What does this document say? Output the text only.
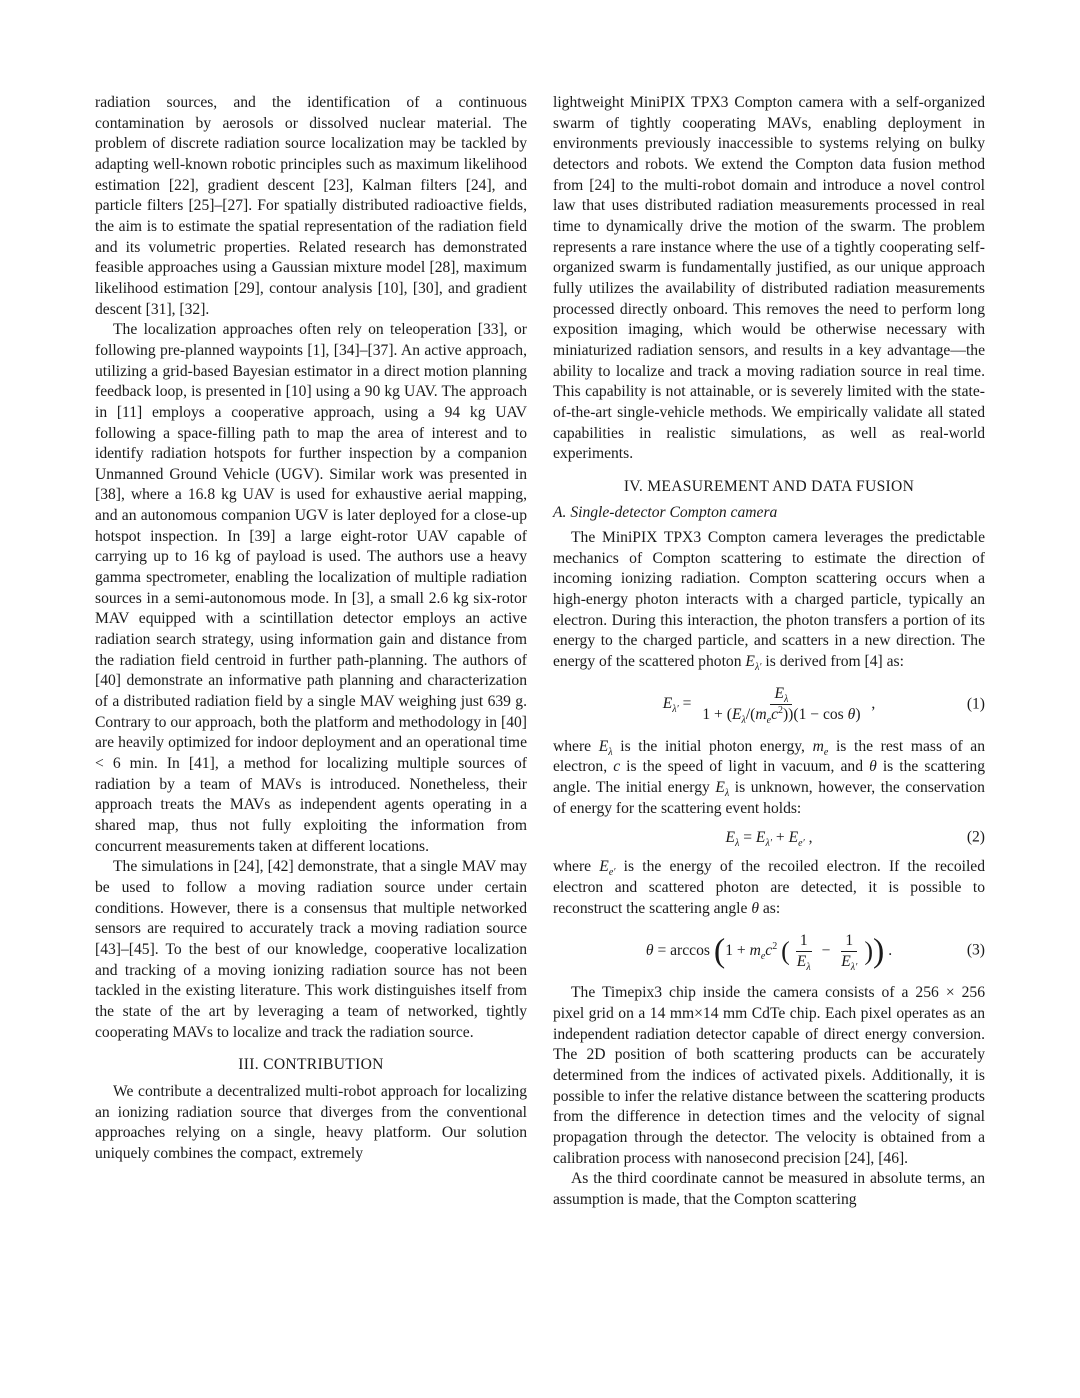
radiation sources, and the identification of a continuous contamination by aerosols or dissolved nuclear material. The problem of discrete radiation source localization may be tackled by adapting well-known robotic principles such as maximum likelihood estimation [22], gradient descent [23], Kalman filters [24], and particle filters [25]–[27]. For spatially distributed radioactive fields, the aim is to estimate the spatial representation of the radiation field and its volumetric properties. Related research has demonstrated feasible approaches using a Gaussian mixture model [28], maximum likelihood estimation [29], contour analysis [10], [30], and gradient descent [31], [32].

The localization approaches often rely on teleoperation [33], or following pre-planned waypoints [1], [34]–[37]. An active approach, utilizing a grid-based Bayesian estimator in a direct motion planning feedback loop, is presented in [10] using a 90 kg UAV. The approach in [11] employs a cooperative approach, using a 94 kg UAV following a space-filling path to map the area of interest and to identify radiation hotspots for further inspection by a companion Unmanned Ground Vehicle (UGV). Similar work was presented in [38], where a 16.8 kg UAV is used for exhaustive aerial mapping, and an autonomous companion UGV is later deployed for a close-up hotspot inspection. In [39] a large eight-rotor UAV capable of carrying up to 16 kg of payload is used. The authors use a heavy gamma spectrometer, enabling the localization of multiple radiation sources in a semi-autonomous mode. In [3], a small 2.6 kg six-rotor MAV equipped with a scintillation detector employs an active radiation search strategy, using information gain and distance from the radiation field centroid in further path-planning. The authors of [40] demonstrate an informative path planning and characterization of a distributed radiation field by a single MAV weighing just 639 g. Contrary to our approach, both the platform and methodology in [40] are heavily optimized for indoor deployment and an operational time < 6 min. In [41], a method for localizing multiple sources of radiation by a team of MAVs is introduced. Nonetheless, their approach treats the MAVs as independent agents operating in a shared map, thus not fully exploiting the information from concurrent measurements taken at different locations.

The simulations in [24], [42] demonstrate, that a single MAV may be used to follow a moving radiation source under certain conditions. However, there is a consensus that multiple networked sensors are required to accurately track a moving radiation source [43]–[45]. To the best of our knowledge, cooperative localization and tracking of a moving ionizing radiation source has not been tackled in the existing literature. This work distinguishes itself from the state of the art by leveraging a team of networked, tightly cooperating MAVs to localize and track the radiation source.

III. CONTRIBUTION

We contribute a decentralized multi-robot approach for localizing an ionizing radiation source that diverges from the conventional approaches relying on a single, heavy platform. Our solution uniquely combines the compact, extremely

lightweight MiniPIX TPX3 Compton camera with a self-organized swarm of tightly cooperating MAVs, enabling deployment in environments previously inaccessible to systems relying on bulky detectors and robots. We extend the Compton data fusion method from [24] to the multi-robot domain and introduce a novel control law that uses distributed radiation measurements processed in real time to dynamically drive the motion of the swarm. The problem represents a rare instance where the use of a tightly cooperating self-organized swarm is fundamentally justified, as our unique approach fully utilizes the availability of distributed radiation measurements processed directly onboard. This removes the need to perform long exposition imaging, which would be otherwise necessary with miniaturized radiation sensors, and results in a key advantage—the ability to localize and track a moving radiation source in real time. This capability is not attainable, or is severely limited with the state-of-the-art single-vehicle methods. We empirically validate all stated capabilities in realistic simulations, as well as real-world experiments.

IV. MEASUREMENT AND DATA FUSION
A. Single-detector Compton camera

The MiniPIX TPX3 Compton camera leverages the predictable mechanics of Compton scattering to estimate the direction of incoming ionizing radiation. Compton scattering occurs when a high-energy photon interacts with a charged particle, typically an electron. During this interaction, the photon transfers a portion of its energy to the charged particle, and scatters in a new direction. The energy of the scattered photon $E_{\lambda'}$ is derived from [4] as:

$E_{\lambda'} = \frac{E_\lambda}{1 + (E_\lambda/(m_ec^2))(1 - \cos \theta)}$ ,	(1)

where $E_\lambda$ is the initial photon energy, $m_e$ is the rest mass of an electron, c is the speed of light in vacuum, and θ is the scattering angle. The initial energy $E_\lambda$ is unknown, however, the conservation of energy for the scattering event holds:

$E_\lambda = E_{\lambda'} + E_{e'}$ ,	(2)

where $E_{e'}$ is the energy of the recoiled electron. If the recoiled electron and scattered photon are detected, it is possible to reconstruct the scattering angle θ as:

$\theta = \arccos (1 + m_ec^2$ ( $\frac{1}{E_\lambda} - \frac{1}{E_{\lambda'}}$ )) .	(3)

The Timepix3 chip inside the camera consists of a 256 × 256 pixel grid on a 14 mm×14 mm CdTe chip. Each pixel operates as an independent radiation detector capable of direct energy conversion. The 2D position of both scattering products can be accurately determined from the indices of activated pixels. Additionally, it is possible to infer the relative distance between the scattering products from the difference in detection times and the velocity of signal propagation through the detector. The velocity is obtained from a calibration process with nanosecond precision [24], [46].

As the third coordinate cannot be measured in absolute terms, an assumption is made, that the Compton scattering
